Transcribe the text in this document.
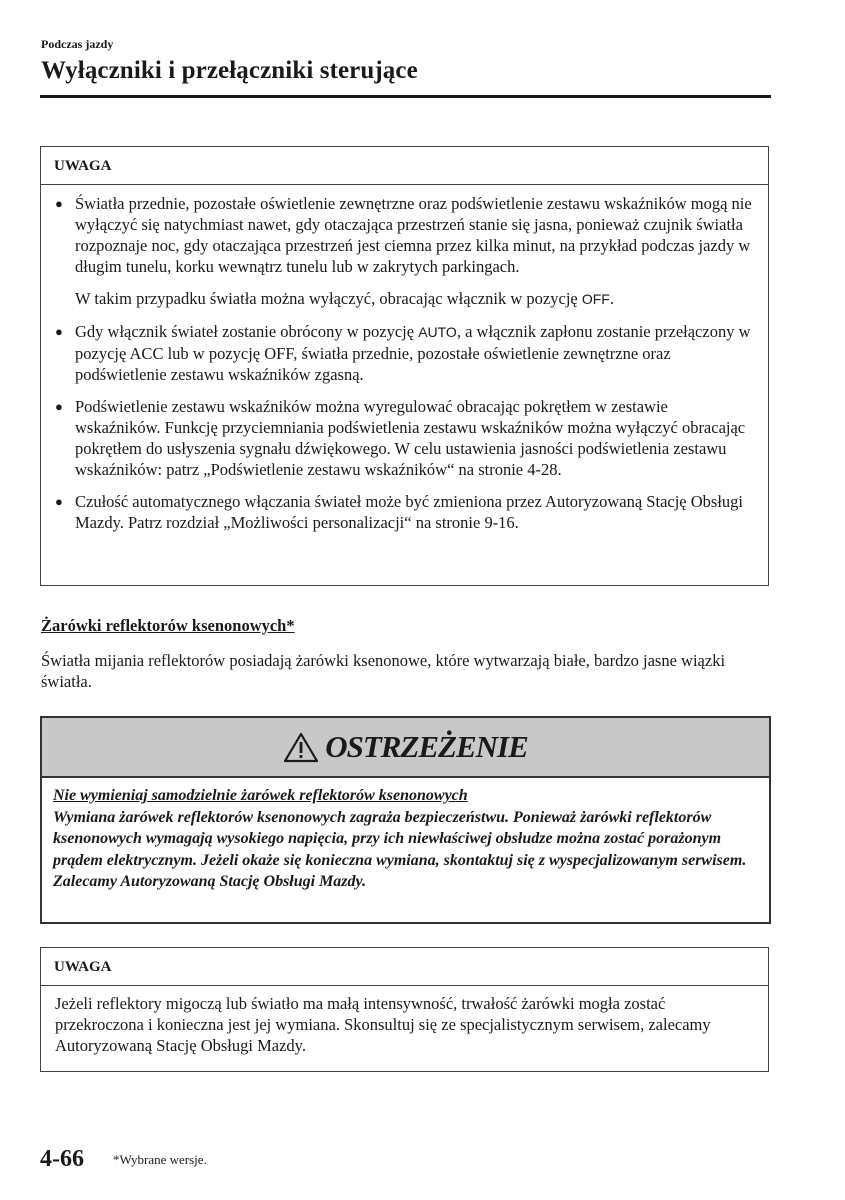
Podczas jazdy
Wyłączniki i przełączniki sterujące
UWAGA
● Światła przednie, pozostałe oświetlenie zewnętrzne oraz podświetlenie zestawu wskaźników mogą nie wyłączyć się natychmiast nawet, gdy otaczająca przestrzeń stanie się jasna, ponieważ czujnik światła rozpoznaje noc, gdy otaczająca przestrzeń jest ciemna przez kilka minut, na przykład podczas jazdy w długim tunelu, korku wewnątrz tunelu lub w zakrytych parkingach.
W takim przypadku światła można wyłączyć, obracając włącznik w pozycję OFF.
● Gdy włącznik świateł zostanie obrócony w pozycję AUTO, a włącznik zapłonu zostanie przełączony w pozycję ACC lub w pozycję OFF, światła przednie, pozostałe oświetlenie zewnętrzne oraz podświetlenie zestawu wskaźników zgasną.
● Podświetlenie zestawu wskaźników można wyregulować obracając pokrętłem w zestawie wskaźników. Funkcję przyciemniania podświetlenia zestawu wskaźników można wyłączyć obracając pokrętłem do usłyszenia sygnału dźwiękowego. W celu ustawienia jasności podświetlenia zestawu wskaźników: patrz „Podświetlenie zestawu wskaźników“ na stronie 4-28.
● Czułość automatycznego włączania świateł może być zmieniona przez Autoryzowaną Stację Obsługi Mazdy. Patrz rozdział „Możliwości personalizacji“ na stronie 9-16.
Żarówki reflektorów ksenonowych*
Światła mijania reflektorów posiadają żarówki ksenonowe, które wytwarzają białe, bardzo jasne wiązki światła.
OSTRZEŻENIE
Nie wymieniaj samodzielnie żarówek reflektorów ksenonowych
Wymiana żarówek reflektorów ksenonowych zagraża bezpieczeństwu. Ponieważ żarówki reflektorów ksenonowych wymagają wysokiego napięcia, przy ich niewłaściwej obsłudze można zostać porażonym prądem elektrycznym. Jeżeli okaże się konieczna wymiana, skontaktuj się z wyspecjalizowanym serwisem. Zalecamy Autoryzowaną Stację Obsługi Mazdy.
UWAGA
Jeżeli reflektory migoczą lub światło ma małą intensywność, trwałość żarówki mogła zostać przekroczona i konieczna jest jej wymiana. Skonsultuj się ze specjalistycznym serwisem, zalecamy Autoryzowaną Stację Obsługi Mazdy.
4-66 *Wybrane wersje.
